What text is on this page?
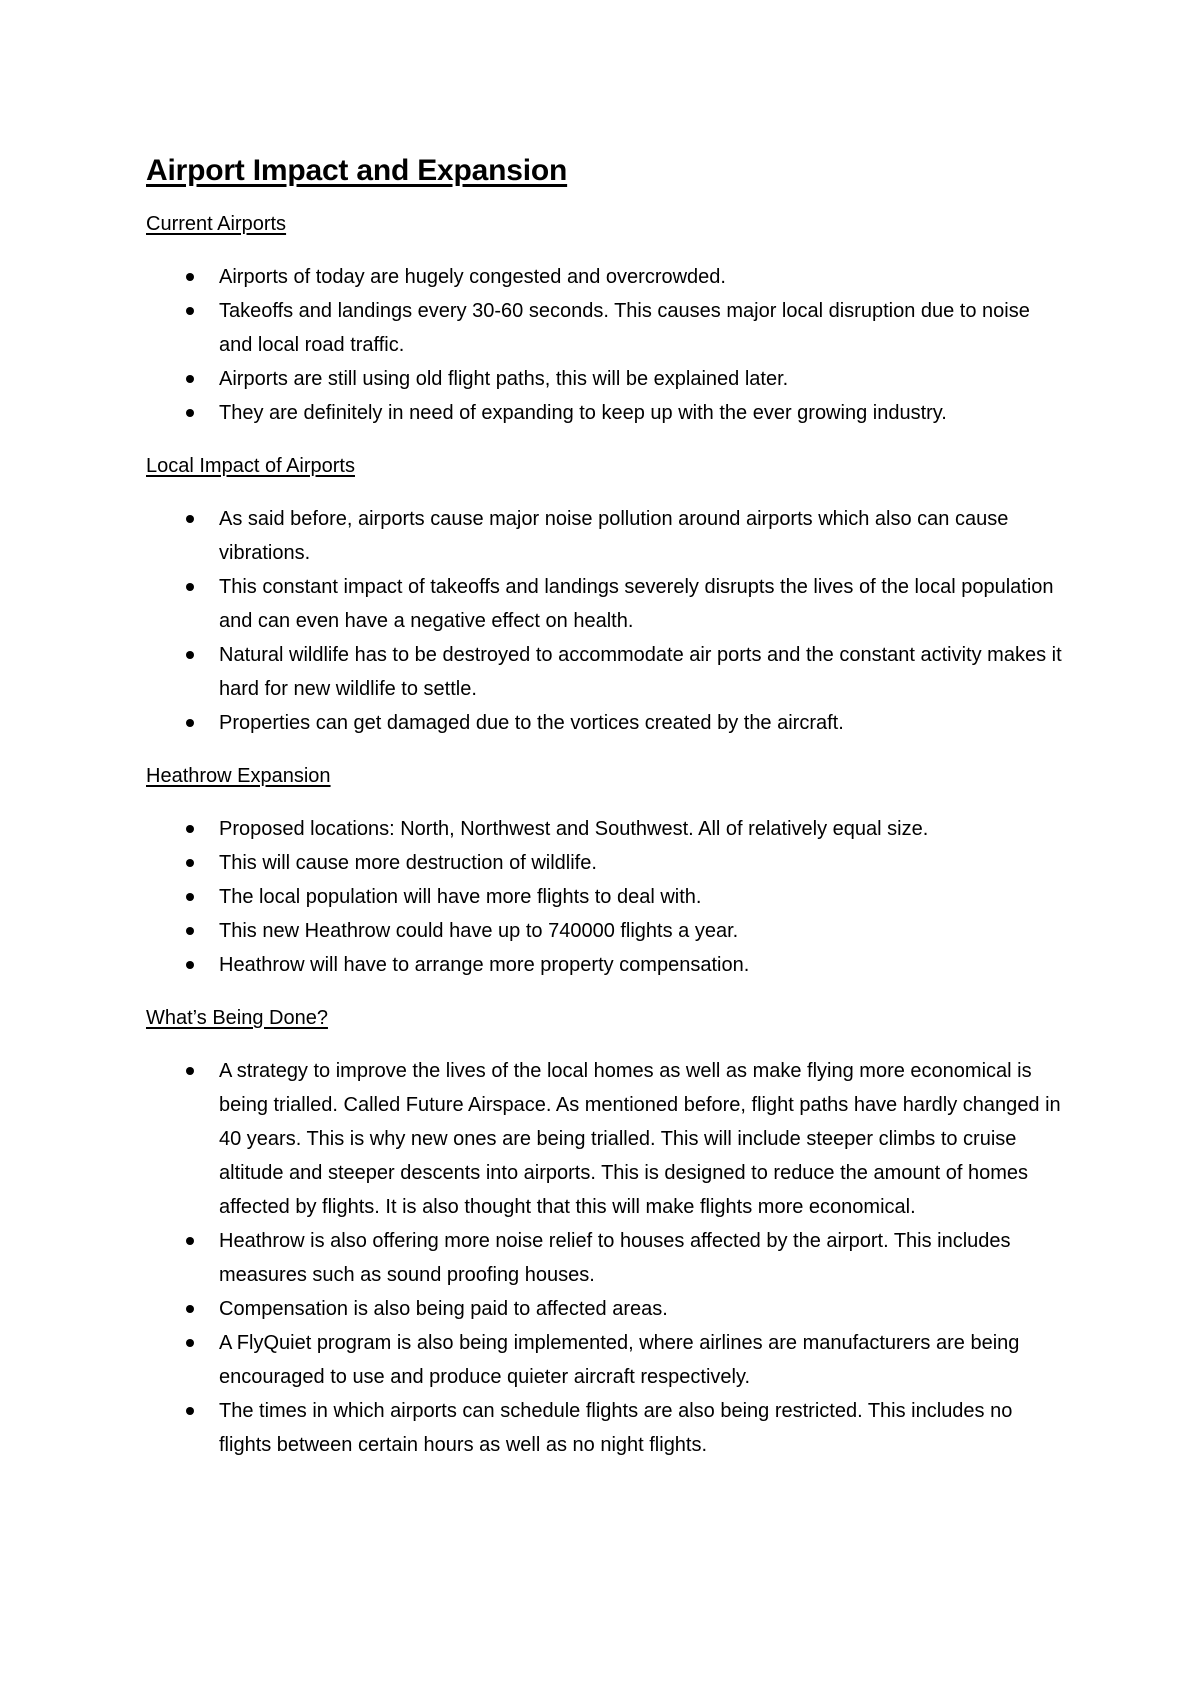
Airport Impact and Expansion
Current Airports
Airports of today are hugely congested and overcrowded.
Takeoffs and landings every 30-60 seconds. This causes major local disruption due to noise and local road traffic.
Airports are still using old flight paths, this will be explained later.
They are definitely in need of expanding to keep up with the ever growing industry.
Local Impact of Airports
As said before, airports cause major noise pollution around airports which also can cause vibrations.
This constant impact of takeoffs and landings severely disrupts the lives of the local population and can even have a negative effect on health.
Natural wildlife has to be destroyed to accommodate air ports and the constant activity makes it hard for new wildlife to settle.
Properties can get damaged due to the vortices created by the aircraft.
Heathrow Expansion
Proposed locations: North, Northwest and Southwest. All of relatively equal size.
This will cause more destruction of wildlife.
The local population will have more flights to deal with.
This new Heathrow could have up to 740000 flights a year.
Heathrow will have to arrange more property compensation.
What’s Being Done?
A strategy to improve the lives of the local homes as well as make flying more economical is being trialled. Called Future Airspace. As mentioned before, flight paths have hardly changed in 40 years. This is why new ones are being trialled. This will include steeper climbs to cruise altitude and steeper descents into airports. This is designed to reduce the amount of homes affected by flights. It is also thought that this will make flights more economical.
Heathrow is also offering more noise relief to houses affected by the airport. This includes measures such as sound proofing houses.
Compensation is also being paid to affected areas.
A FlyQuiet program is also being implemented, where airlines are manufacturers are being encouraged to use and produce quieter aircraft respectively.
The times in which airports can schedule flights are also being restricted. This includes no flights between certain hours as well as no night flights.
